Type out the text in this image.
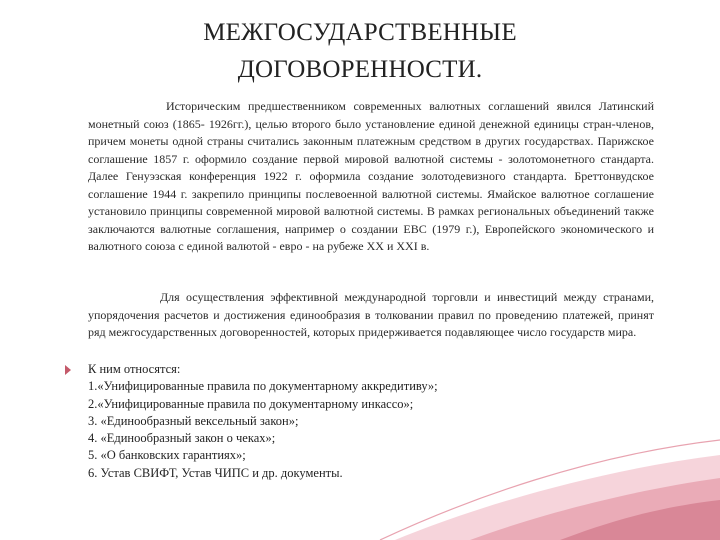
МЕЖГОСУДАРСТВЕННЫЕ
ДОГОВОРЕННОСТИ.
Историческим предшественником современных валютных соглашений явился Латинский монетный союз (1865- 1926гг.), целью второго было установление единой денежной единицы стран-членов, причем монеты одной страны считались законным платежным средством в других государствах. Парижское соглашение 1857 г. оформило создание первой мировой валютной системы - золотомонетного стандарта. Далее Генуэзская конференция 1922 г. оформила создание золотодевизного стандарта. Бреттонвудское соглашение 1944 г. закрепило принципы послевоенной валютной системы. Ямайское валютное соглашение установило принципы современной мировой валютной системы. В рамках региональных объединений также заключаются валютные соглашения, например о создании ЕВС (1979 г.), Европейского экономического и валютного союза с единой валютой - евро - на рубеже XX и XXI в.
Для осуществления эффективной международной торговли и инвестиций между странами, упорядочения расчетов и достижения единообразия в толковании правил по проведению платежей, принят ряд межгосударственных договоренностей, которых придерживается подавляющее число государств мира.
К ним относятся:
1.«Унифицированные правила по документарному аккредитиву»;
2.«Унифицированные правила по документарному инкассо»;
3. «Единообразный вексельный закон»;
4. «Единообразный закон о чеках»;
5. «О банковских гарантиях»;
6. Устав СВИФТ, Устав ЧИПС и др. документы.
